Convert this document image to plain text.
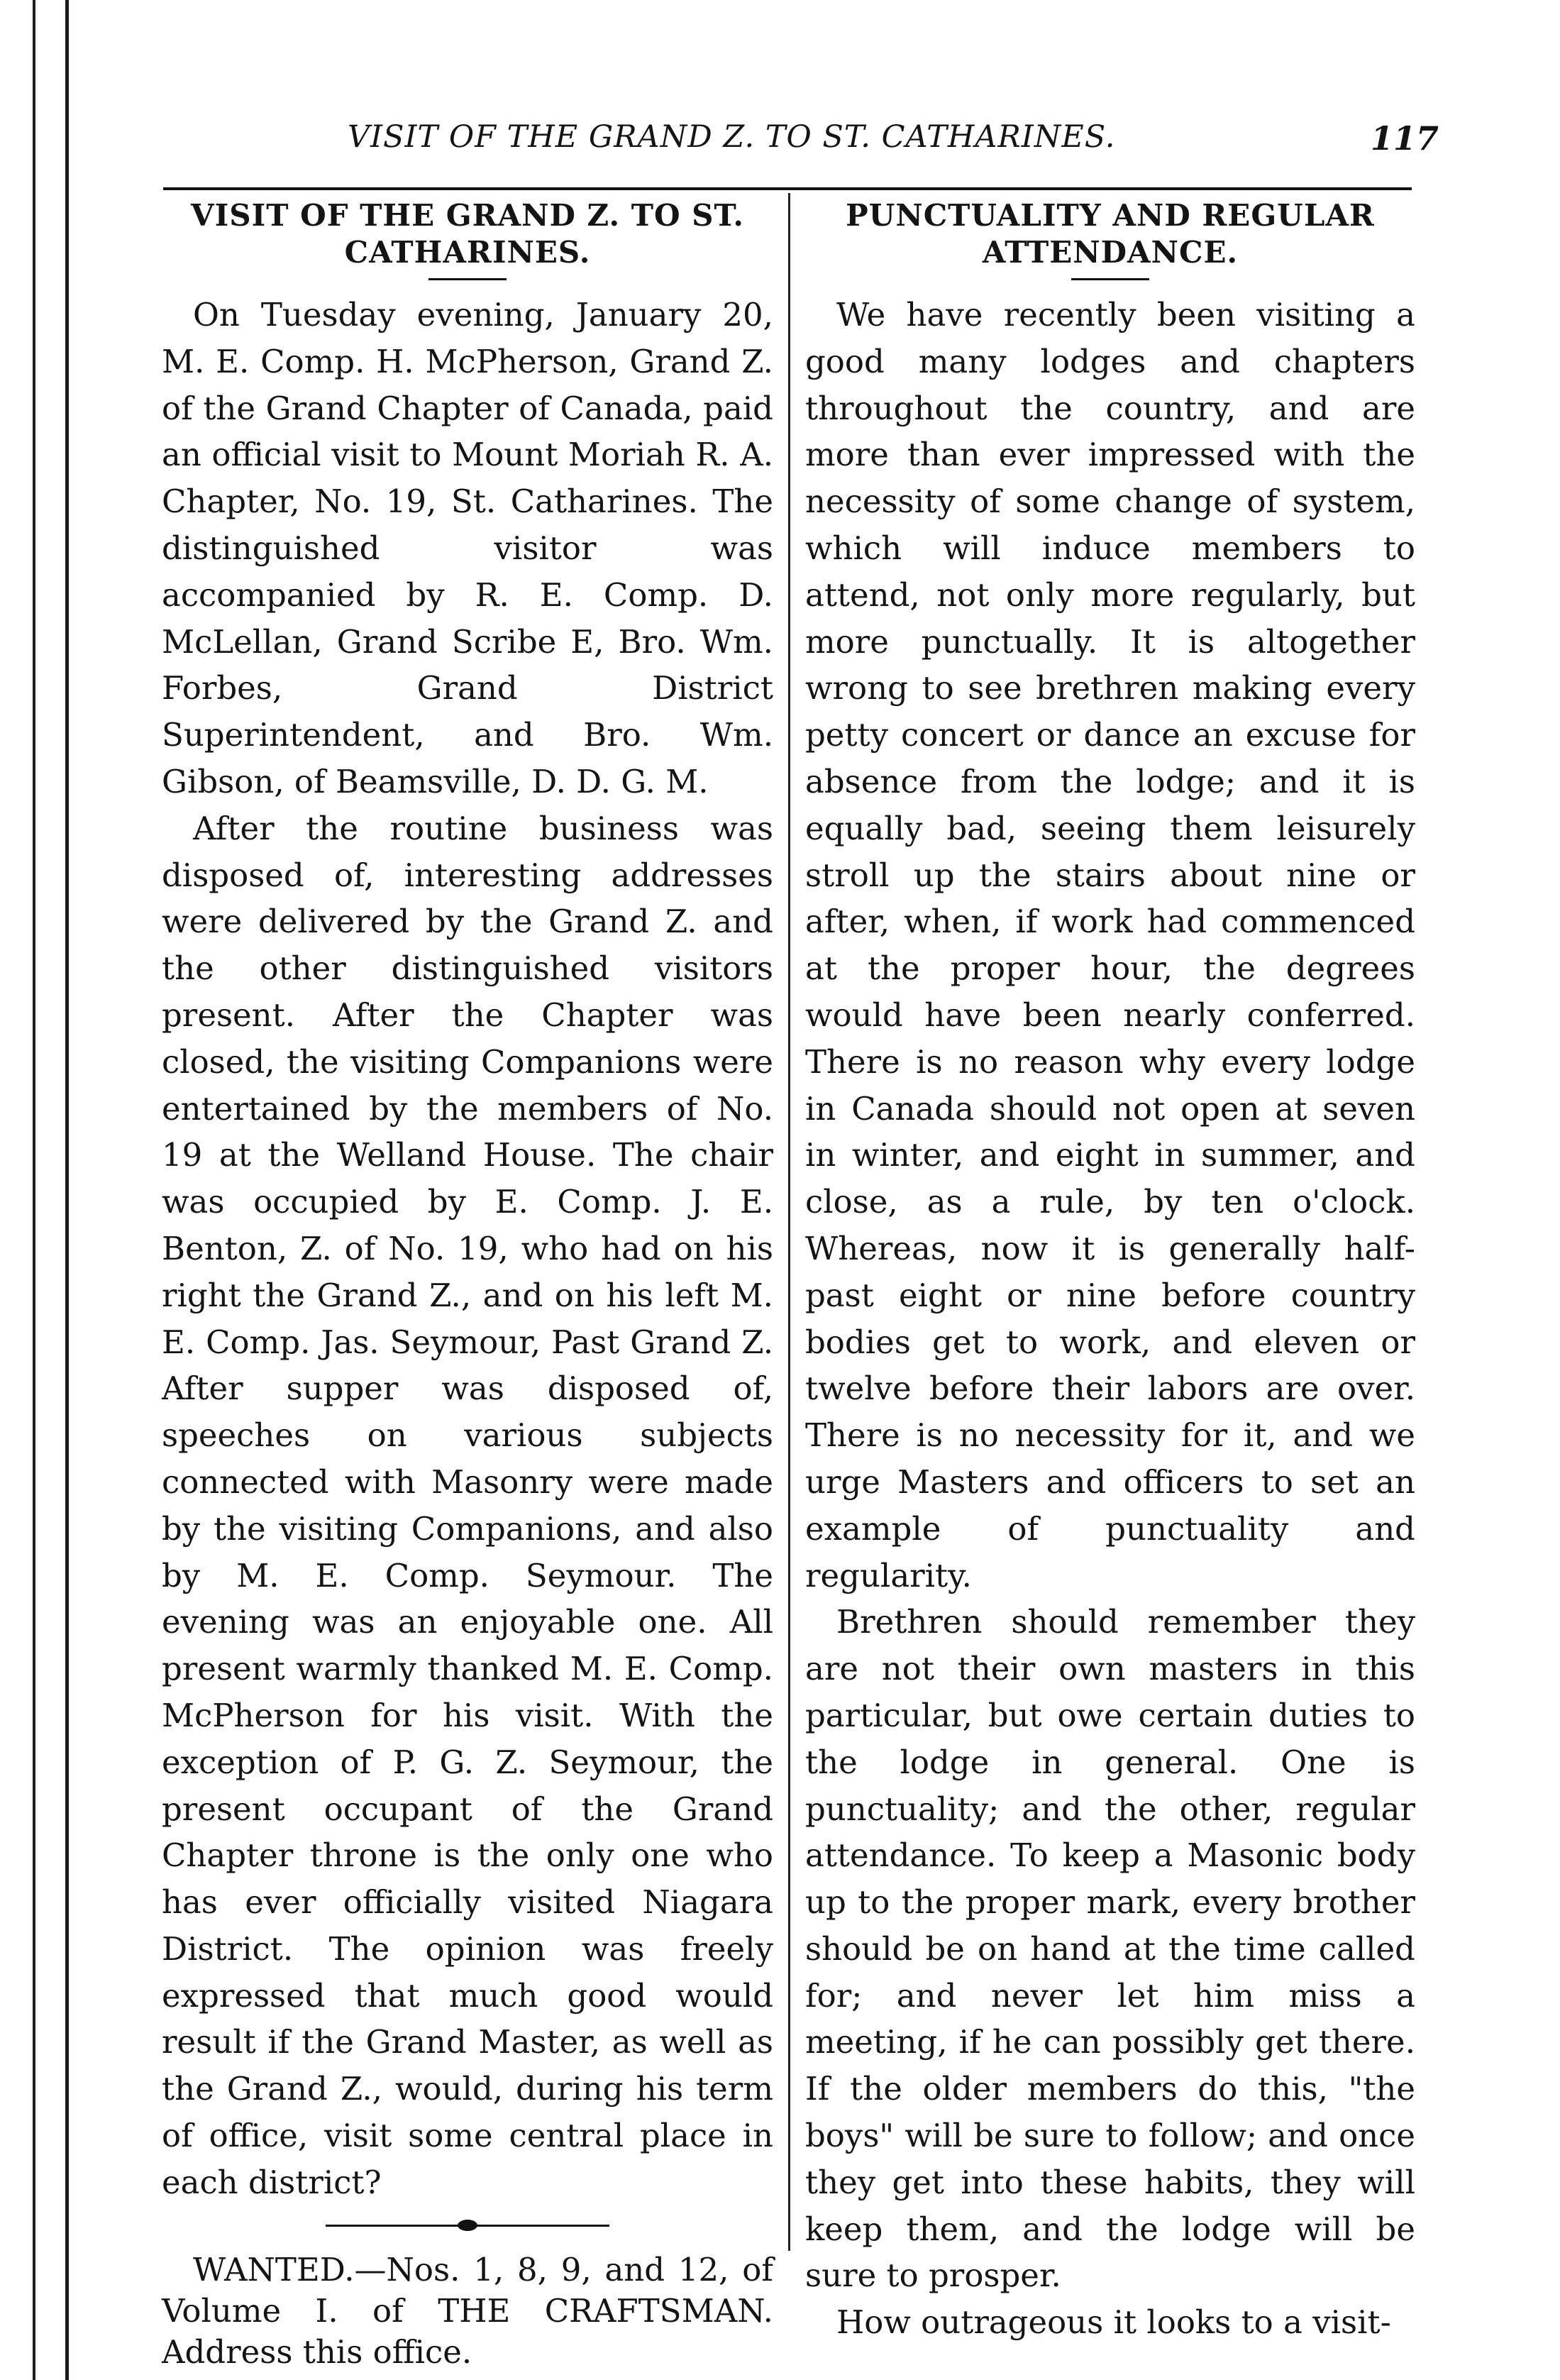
VISIT OF THE GRAND Z. TO ST. CATHARINES.	117
VISIT OF THE GRAND Z. TO ST. CATHARINES.

On Tuesday evening, January 20, M. E. Comp. H. McPherson, Grand Z. of the Grand Chapter of Canada, paid an official visit to Mount Moriah R. A. Chapter, No. 19, St. Catharines. The distinguished visitor was accompanied by R. E. Comp. D. McLellan, Grand Scribe E, Bro. Wm. Forbes, Grand District Superintendent, and Bro. Wm. Gibson, of Beamsville, D. D. G. M.

After the routine business was disposed of, interesting addresses were delivered by the Grand Z. and the other distinguished visitors present. After the Chapter was closed, the visiting Companions were entertained by the members of No. 19 at the Welland House. The chair was occupied by E. Comp. J. E. Benton, Z. of No. 19, who had on his right the Grand Z., and on his left M. E. Comp. Jas. Seymour, Past Grand Z. After supper was disposed of, speeches on various subjects connected with Masonry were made by the visiting Companions, and also by M. E. Comp. Seymour. The evening was an enjoyable one. All present warmly thanked M. E. Comp. McPherson for his visit. With the exception of P. G. Z. Seymour, the present occupant of the Grand Chapter throne is the only one who has ever officially visited Niagara District. The opinion was freely expressed that much good would result if the Grand Master, as well as the Grand Z., would, during his term of office, visit some central place in each district?

WANTED.—Nos. 1, 8, 9, and 12, of Volume I. of THE CRAFTSMAN. Address this office.

PUNCTUALITY AND REGULAR ATTENDANCE.

We have recently been visiting a good many lodges and chapters throughout the country, and are more than ever impressed with the necessity of some change of system, which will induce members to attend, not only more regularly, but more punctually. It is altogether wrong to see brethren making every petty concert or dance an excuse for absence from the lodge; and it is equally bad, seeing them leisurely stroll up the stairs about nine or after, when, if work had commenced at the proper hour, the degrees would have been nearly conferred. There is no reason why every lodge in Canada should not open at seven in winter, and eight in summer, and close, as a rule, by ten o'clock. Whereas, now it is generally half-past eight or nine before country bodies get to work, and eleven or twelve before their labors are over. There is no necessity for it, and we urge Masters and officers to set an example of punctuality and regularity.

Brethren should remember they are not their own masters in this particular, but owe certain duties to the lodge in general. One is punctuality; and the other, regular attendance. To keep a Masonic body up to the proper mark, every brother should be on hand at the time called for; and never let him miss a meeting, if he can possibly get there. If the older members do this, "the boys" will be sure to follow; and once they get into these habits, they will keep them, and the lodge will be sure to prosper.

How outrageous it looks to a visit-
